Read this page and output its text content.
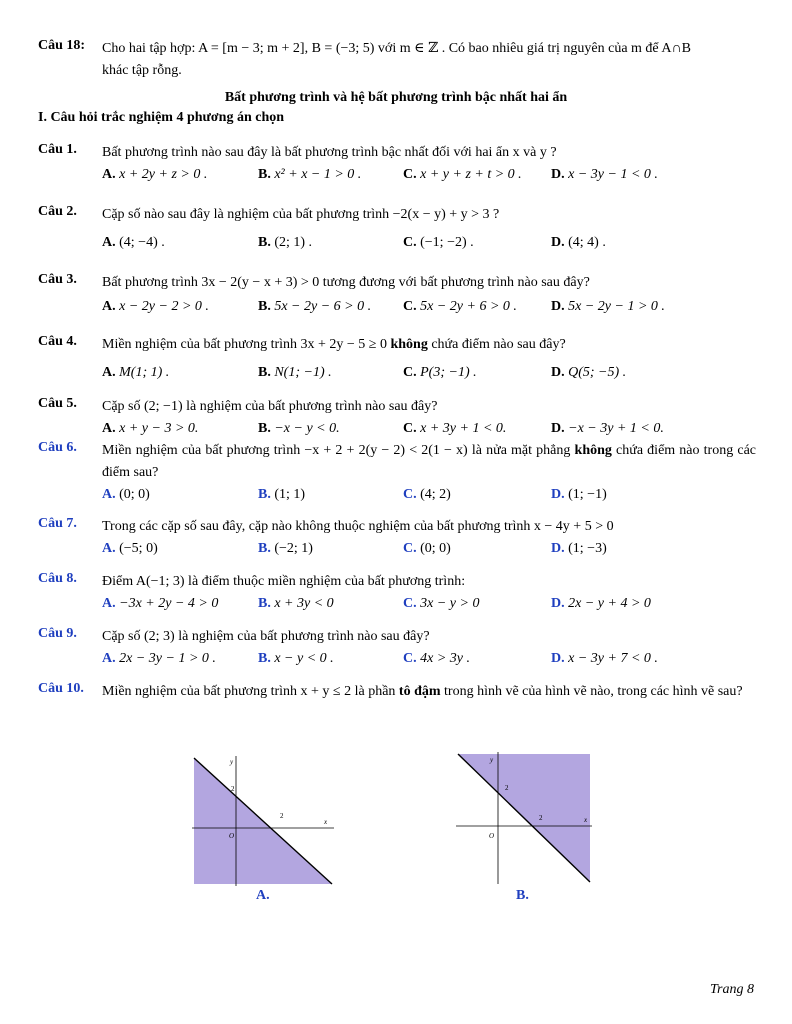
Câu 18: Cho hai tập hợp: A = [m − 3; m + 2], B = (−3; 5) với m ∈ ℤ . Có bao nhiêu giá trị nguyên của m để A∩B
khác tập rỗng.
Bất phương trình và hệ bất phương trình bậc nhất hai ẩn
I. Câu hỏi trắc nghiệm 4 phương án chọn
Câu 1. Bất phương trình nào sau đây là bất phương trình bậc nhất đối với hai ẩn x và y ?
A. x + 2y + z > 0 .	B. x² + x − 1 > 0 .	C. x + y + z + t > 0 . D. x − 3y − 1 < 0 .
Câu 2. Cặp số nào sau đây là nghiệm của bất phương trình −2(x − y) + y > 3 ?
A. (4; −4) .	B. (2; 1) .	C. (−1; −2) .	D. (4; 4) .
Câu 3. Bất phương trình 3x − 2(y − x + 3) > 0 tương đương với bất phương trình nào sau đây?
A. x − 2y − 2 > 0 .	B. 5x − 2y − 6 > 0 . C. 5x − 2y + 6 > 0 . D. 5x − 2y − 1 > 0 .
Câu 4. Miền nghiệm của bất phương trình 3x + 2y − 5 ≥ 0 không chứa điểm nào sau đây?
A. M(1; 1) .	B. N(1; −1) .	C. P(3; −1) .	D. Q(5; −5) .
Câu 5. Cặp số (2; −1) là nghiệm của bất phương trình nào sau đây?
A. x + y − 3 > 0.	B. −x − y < 0.	C. x + 3y + 1 < 0.	D. −x − 3y + 1 < 0.
Câu 6. Miền nghiệm của bất phương trình −x + 2 + 2(y − 2) < 2(1 − x) là nửa mặt phẳng không chứa điểm nào trong các điểm sau?
A. (0; 0)	B. (1; 1)	C. (4; 2)	D. (1; −1)
Câu 7. Trong các cặp số sau đây, cặp nào không thuộc nghiệm của bất phương trình x − 4y + 5 > 0
A. (−5; 0)	B. (−2; 1)	C. (0; 0)	D. (1; −3)
Câu 8. Điểm A(−1; 3) là điểm thuộc miền nghiệm của bất phương trình:
A. −3x + 2y − 4 > 0	B. x + 3y < 0	C. 3x − y > 0	D. 2x − y + 4 > 0
Câu 9. Cặp số (2; 3) là nghiệm của bất phương trình nào sau đây?
A. 2x − 3y − 1 > 0 .	B. x − y < 0 .	C. 4x > 3y .	D. x − 3y + 7 < 0 .
Câu 10. Miền nghiệm của bất phương trình x + y ≤ 2 là phần tô đậm trong hình vẽ của hình vẽ nào, trong các hình vẽ sau?
y
x
O
2
2
A.
y
x
O
2
2
B.
Trang 8
